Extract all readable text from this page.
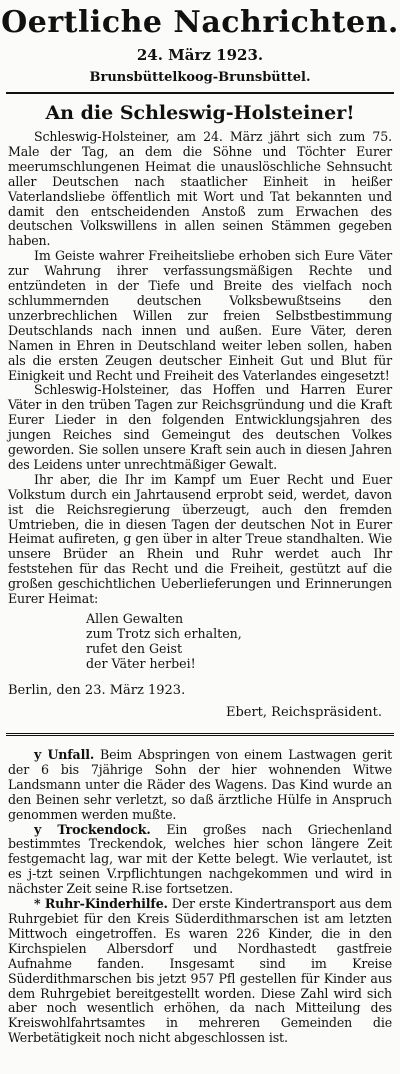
Oertliche Nachrichten.
24. März 1923.
Brunsbüttelkoog-Brunsbüttel.
An die Schleswig-Holsteiner!

Schleswig-Holsteiner, am 24. März jährt sich zum 75. Male der Tag, an dem die Söhne und Töchter Eurer meerumschlungenen Heimat die unauslöschliche Sehnsucht aller Deutschen nach staatlicher Einheit in heißer Vaterlandsliebe öffentlich mit Wort und Tat bekannten und damit den entscheidenden Anstoß zum Erwachen des deutschen Volkswillens in allen seinen Stämmen gegeben haben.

Im Geiste wahrer Freiheitsliebe erhoben sich Eure Väter zur Wahrung ihrer verfassungsmäßigen Rechte und entzündeten in der Tiefe und Breite des vielfach noch schlummernden deutschen Volksbewußtseins den unzerbrechlichen Willen zur freien Selbstbestimmung Deutschlands nach innen und außen. Eure Väter, deren Namen in Ehren in Deutschland weiter leben sollen, haben als die ersten Zeugen deutscher Einheit Gut und Blut für Einigkeit und Recht und Freiheit des Vaterlandes eingesetzt!

Schleswig-Holsteiner, das Hoffen und Harren Eurer Väter in den trüben Tagen zur Reichsgründung und die Kraft Eurer Lieder in den folgenden Entwicklungsjahren des jungen Reiches sind Gemeingut des deutschen Volkes geworden. Sie sollen unsere Kraft sein auch in diesen Jahren des Leidens unter unrechtmäßiger Gewalt.

Ihr aber, die Ihr im Kampf um Euer Recht und Euer Volkstum durch ein Jahrtausend erprobt seid, werdet, davon ist die Reichsregierung überzeugt, auch den fremden Umtrieben, die in diesen Tagen der deutschen Not in Eurer Heimat aufireten, g gen über in alter Treue standhalten. Wie unsere Brüder an Rhein und Ruhr werdet auch Ihr feststehen für das Recht und die Freiheit, gestützt auf die großen geschichtlichen Ueberlieferungen und Erinnerungen Eurer Heimat:

Allen Gewalten
zum Trotz sich erhalten,
rufet den Geist
der Väter herbei!
Berlin, den 23. März 1923.
Ebert, Reichspräsident.

y Unfall. Beim Abspringen von einem Lastwagen gerit der 6 bis 7jährige Sohn der hier wohnenden Witwe Landsmann unter die Räder des Wagens. Das Kind wurde an den Beinen sehr verletzt, so daß ärztliche Hülfe in Anspruch genommen werden mußte.

y Trockendock. Ein großes nach Griechenland bestimmtes Treckendok, welches hier schon längere Zeit festgemacht lag, war mit der Kette belegt. Wie verlautet, ist es j-tzt seinen V.rpflichtungen nachgekommen und wird in nächster Zeit seine R.ise fortsetzen.

* Ruhr-Kinderhilfe. Der erste Kindertransport aus dem Ruhrgebiet für den Kreis Süderdithmarschen ist am letzten Mittwoch eingetroffen. Es waren 226 Kinder, die in den Kirchspielen Albersdorf und Nordhastedt gastfreie Aufnahme fanden. Insgesamt sind im Kreise Süderdithmarschen bis jetzt 957 Pfl gestellen für Kinder aus dem Ruhrgebiet bereitgestellt worden. Diese Zahl wird sich aber noch wesentlich erhöhen, da nach Mitteilung des Kreiswohlfahrtsamtes in mehreren Gemeinden die Werbetätigkeit noch nicht abgeschlossen ist.
